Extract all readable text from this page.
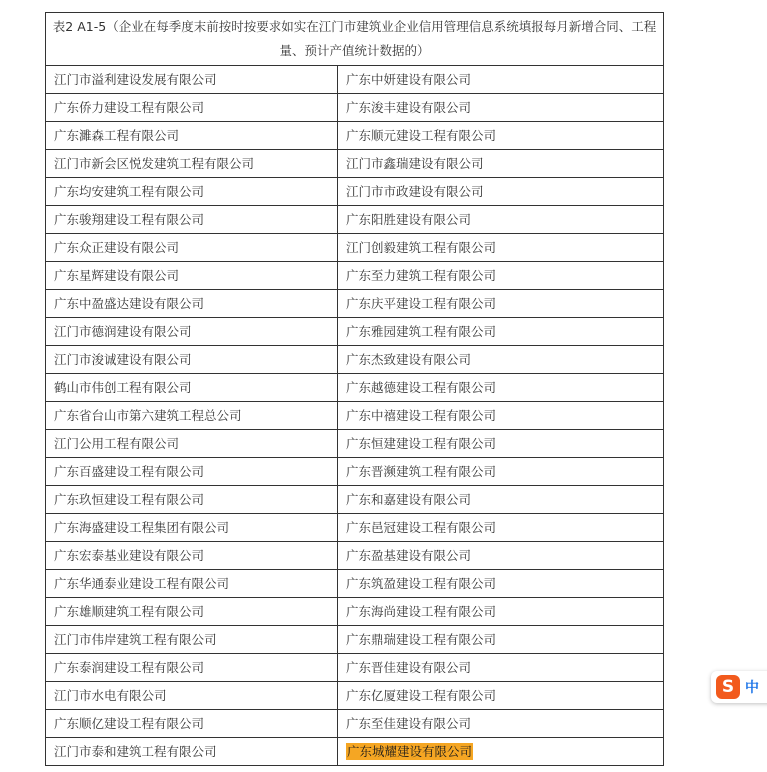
表2 A1-5（企业在每季度末前按时按要求如实在江门市建筑业企业信用管理信息系统填报每月新增合同、工程量、预计产值统计数据的）	
江门市溢利建设发展有限公司	广东中妍建设有限公司
广东侨力建设工程有限公司	广东浚丰建设有限公司
广东濉森工程有限公司	广东顺元建设工程有限公司
江门市新会区悦发建筑工程有限公司	江门市鑫瑞建设有限公司
广东均安建筑工程有限公司	江门市市政建设有限公司
广东骏翔建设工程有限公司	广东阳胜建设有限公司
广东众正建设有限公司	江门创毅建筑工程有限公司
广东星辉建设有限公司	广东至力建筑工程有限公司
广东中盈盛达建设有限公司	广东庆平建设工程有限公司
江门市德润建设有限公司	广东雅园建筑工程有限公司
江门市浚诚建设有限公司	广东杰致建设有限公司
鹤山市伟创工程有限公司	广东越德建设工程有限公司
广东省台山市第六建筑工程总公司	广东中禧建设工程有限公司
江门公用工程有限公司	广东恒建建设工程有限公司
广东百盛建设工程有限公司	广东晋濒建筑工程有限公司
广东玖恒建设工程有限公司	广东和嘉建设有限公司
广东海盛建设工程集团有限公司	广东邑冠建设工程有限公司
广东宏泰基业建设有限公司	广东盈基建设有限公司
广东华通泰业建设工程有限公司	广东筑盈建设工程有限公司
广东雄顺建筑工程有限公司	广东海尚建设工程有限公司
江门市伟岸建筑工程有限公司	广东鼎瑞建设工程有限公司
广东泰润建设工程有限公司	广东晋佳建设有限公司
江门市水电有限公司	广东亿厦建设工程有限公司
广东顺亿建设工程有限公司	广东至佳建设有限公司
江门市泰和建筑工程有限公司	广东城耀建设有限公司
S 中
